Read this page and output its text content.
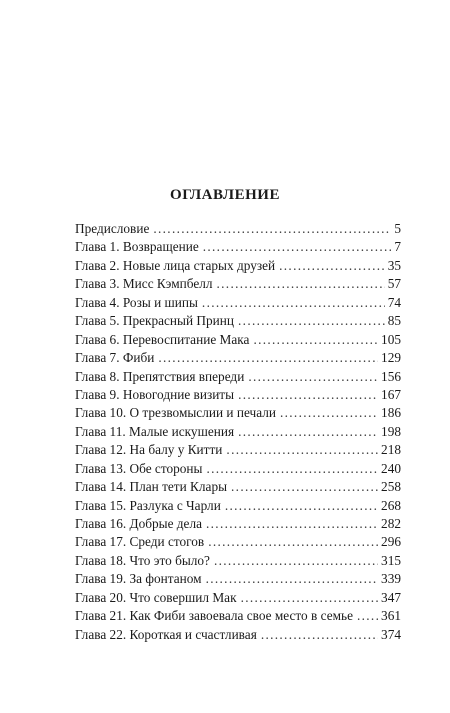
ОГЛАВЛЕНИЕ
Предисловие . . .	5
Глава 1. Возвращение . . .	7
Глава 2. Новые лица старых друзей . . .	35
Глава 3. Мисс Кэмпбелл . . .	57
Глава 4. Розы и шипы . . .	74
Глава 5. Прекрасный Принц . . .	85
Глава 6. Перевоспитание Мака . . .	105
Глава 7. Фиби . . .	129
Глава 8. Препятствия впереди . . .	156
Глава 9. Новогодние визиты . . .	167
Глава 10. О трезвомыслии и печали . . .	186
Глава 11. Малые искушения . . .	198
Глава 12. На балу у Китти . . .	218
Глава 13. Обе стороны . . .	240
Глава 14. План тети Клары . . .	258
Глава 15. Разлука с Чарли . . .	268
Глава 16. Добрые дела . . .	282
Глава 17. Среди стогов . . .	296
Глава 18. Что это было? . . .	315
Глава 19. За фонтаном . . .	339
Глава 20. Что совершил Мак . . .	347
Глава 21. Как Фиби завоевала свое место в семье . . .	361
Глава 22. Короткая и счастливая . . .	374
